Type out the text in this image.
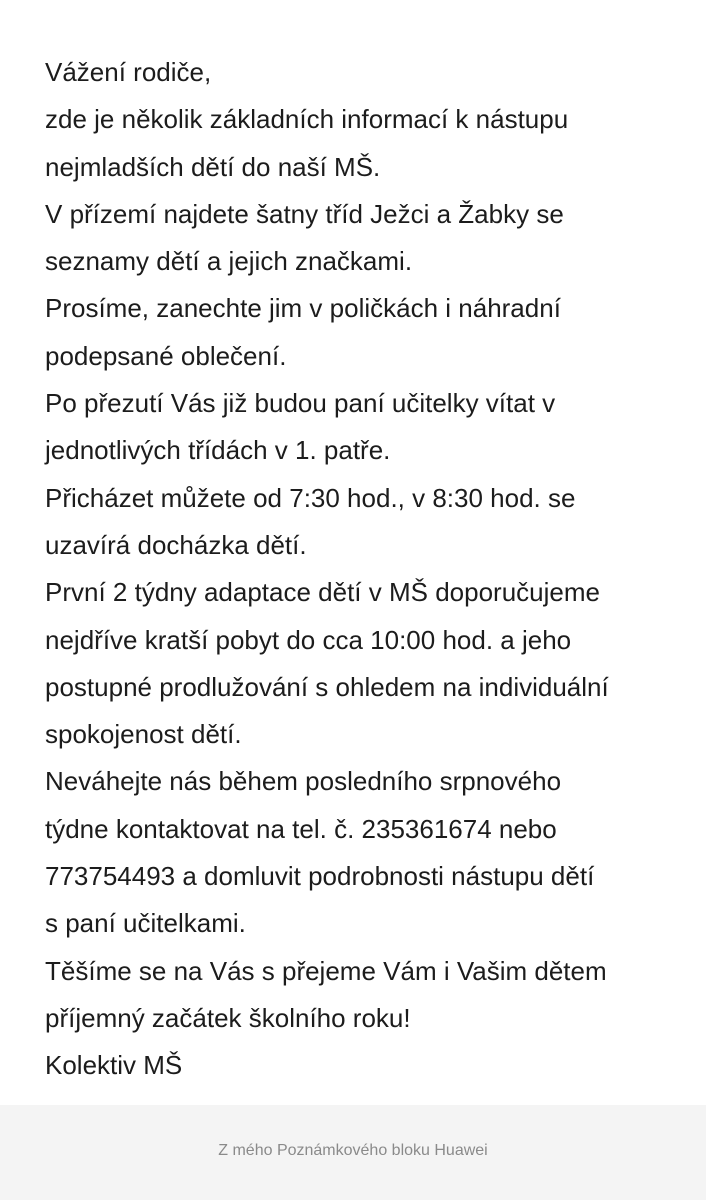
Vážení rodiče,
zde je několik základních informací k nástupu
nejmladších dětí do naší MŠ.
V přízemí najdete šatny tříd Ježci a Žabky se
seznamy dětí a jejich značkami.
Prosíme, zanechte jim v poličkách i náhradní
podepsané oblečení.
Po přezutí Vás již budou paní učitelky vítat v
jednotlivých třídách v 1. patře.
Přicházet můžete od 7:30 hod., v 8:30 hod. se
uzavírá docházka dětí.
První 2 týdny adaptace dětí v MŠ doporučujeme
nejdříve kratší pobyt do cca 10:00 hod. a jeho
postupné prodlužování s ohledem na individuální
spokojenost dětí.
Neváhejte nás během posledního srpnového
týdne kontaktovat na tel. č. 235361674 nebo
773754493 a domluvit podrobnosti nástupu dětí
s paní učitelkami.
Těšíme se na Vás s přejeme Vám i Vašim dětem
příjemný začátek školního roku!
Kolektiv MŠ
Z mého Poznámkového bloku Huawei
